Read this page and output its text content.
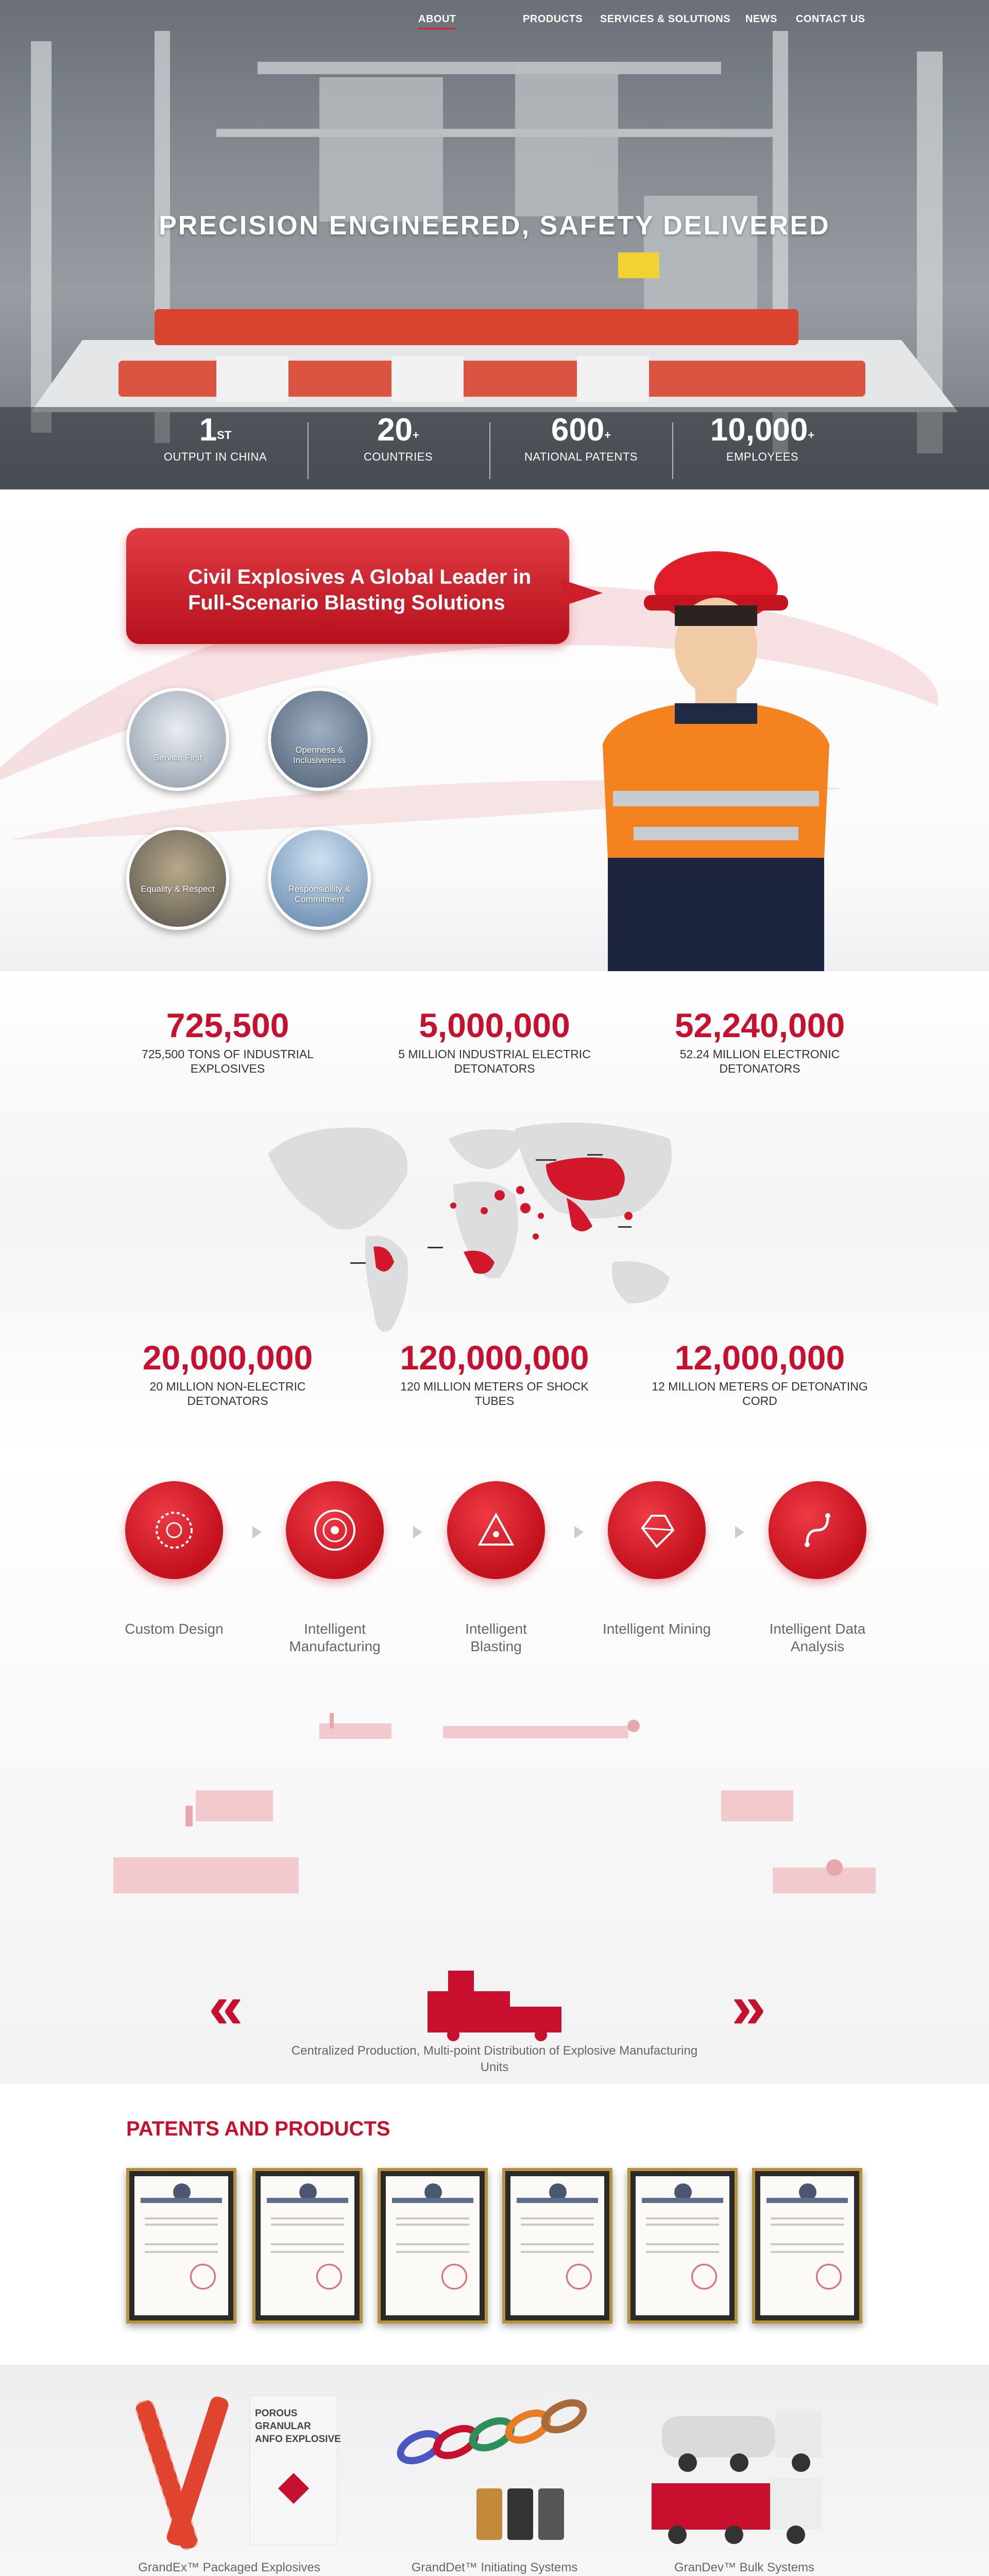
ABOUT	PRODUCTS SERVICES & SOLUTIONS NEWS CONTACT US
PRECISION ENGINEERED, SAFETY DELIVERED
1ST
OUTPUT IN CHINA
20+
COUNTRIES
600+
NATIONAL PATENTS
10,000+
EMPLOYEES
Civil Explosives A Global Leader in Full-Scenario Blasting Solutions
Service First
Openness & Inclusiveness
Equality & Respect	Responsibility & Commitment
725,500
725,500 TONS OF INDUSTRIAL EXPLOSIVES
5,000,000
5 MILLION INDUSTRIAL ELECTRIC DETONATORS
52,240,000
52.24 MILLION ELECTRONIC DETONATORS
20,000,000
20 MILLION NON-ELECTRIC DETONATORS
120,000,000
120 MILLION METERS OF SHOCK TUBES
12,000,000
12 MILLION METERS OF DETONATING CORD
Custom Design	Intelligent Manufacturing
Intelligent Blasting
Intelligent Mining	Intelligent Data Analysis
«	»
Centralized Production, Multi-point Distribution of Explosive Manufacturing Units
PATENTS AND PRODUCTS
POROUS
GRANULAR
ANFO EXPLOSIVE
GrandEx™ Packaged Explosives	GrandDet™ Initiating Systems	GranDev™ Bulk Systems
